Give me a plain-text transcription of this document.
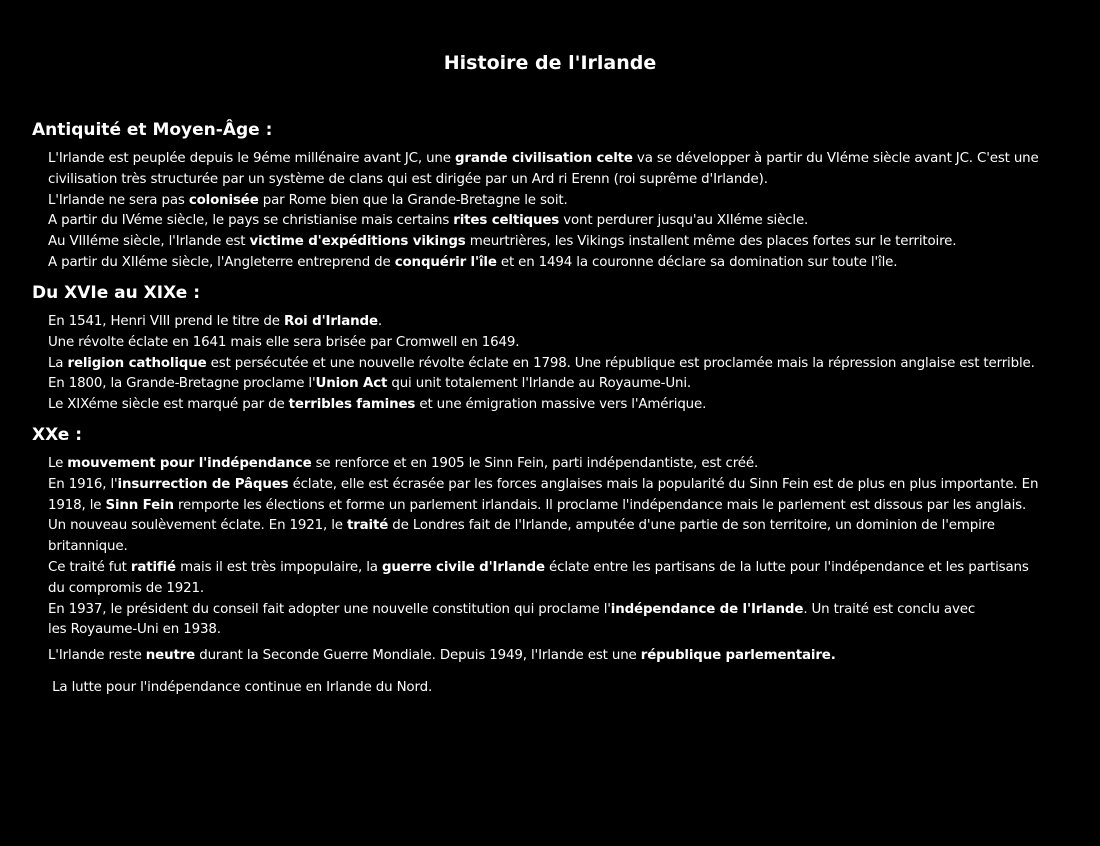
Histoire de l'Irlande
Antiquité et Moyen-Âge :
L'Irlande est peuplée depuis le 9éme millénaire avant JC, une grande civilisation celte va se développer à partir du VIéme siècle avant JC. C'est une
civilisation très structurée par un système de clans qui est dirigée par un Ard ri Erenn (roi suprême d'Irlande).
L'Irlande ne sera pas colonisée par Rome bien que la Grande-Bretagne le soit.
A partir du IVéme siècle, le pays se christianise mais certains rites celtiques vont perdurer jusqu'au XIIéme siècle.
Au VIIIéme siècle, l'Irlande est victime d'expéditions vikings meurtrières, les Vikings installent même des places fortes sur le territoire.
A partir du XIIéme siècle, l'Angleterre entreprend de conquérir l'île et en 1494 la couronne déclare sa domination sur toute l'île.
Du XVIe au XIXe :
En 1541, Henri VIII prend le titre de Roi d'Irlande.
Une révolte éclate en 1641 mais elle sera brisée par Cromwell en 1649.
La religion catholique est persécutée et une nouvelle révolte éclate en 1798. Une république est proclamée mais la répression anglaise est terrible.
En 1800, la Grande-Bretagne proclame l'Union Act qui unit totalement l'Irlande au Royaume-Uni.
Le XIXéme siècle est marqué par de terribles famines et une émigration massive vers l'Amérique.
XXe :
Le mouvement pour l'indépendance se renforce et en 1905 le Sinn Fein, parti indépendantiste, est créé.
En 1916, l'insurrection de Pâques éclate, elle est écrasée par les forces anglaises mais la popularité du Sinn Fein est de plus en plus importante. En
1918, le Sinn Fein remporte les élections et forme un parlement irlandais. Il proclame l'indépendance mais le parlement est dissous par les anglais.
Un nouveau soulèvement éclate. En 1921, le traité de Londres fait de l'Irlande, amputée d'une partie de son territoire, un dominion de l'empire
britannique.
Ce traité fut ratifié mais il est très impopulaire, la guerre civile d'Irlande éclate entre les partisans de la lutte pour l'indépendance et les partisans
du compromis de 1921.
En 1937, le président du conseil fait adopter une nouvelle constitution qui proclame l'indépendance de l'Irlande. Un traité est conclu avec
les Royaume-Uni en 1938.
L'Irlande reste neutre durant la Seconde Guerre Mondiale. Depuis 1949, l'Irlande est une république parlementaire.
La lutte pour l'indépendance continue en Irlande du Nord.
